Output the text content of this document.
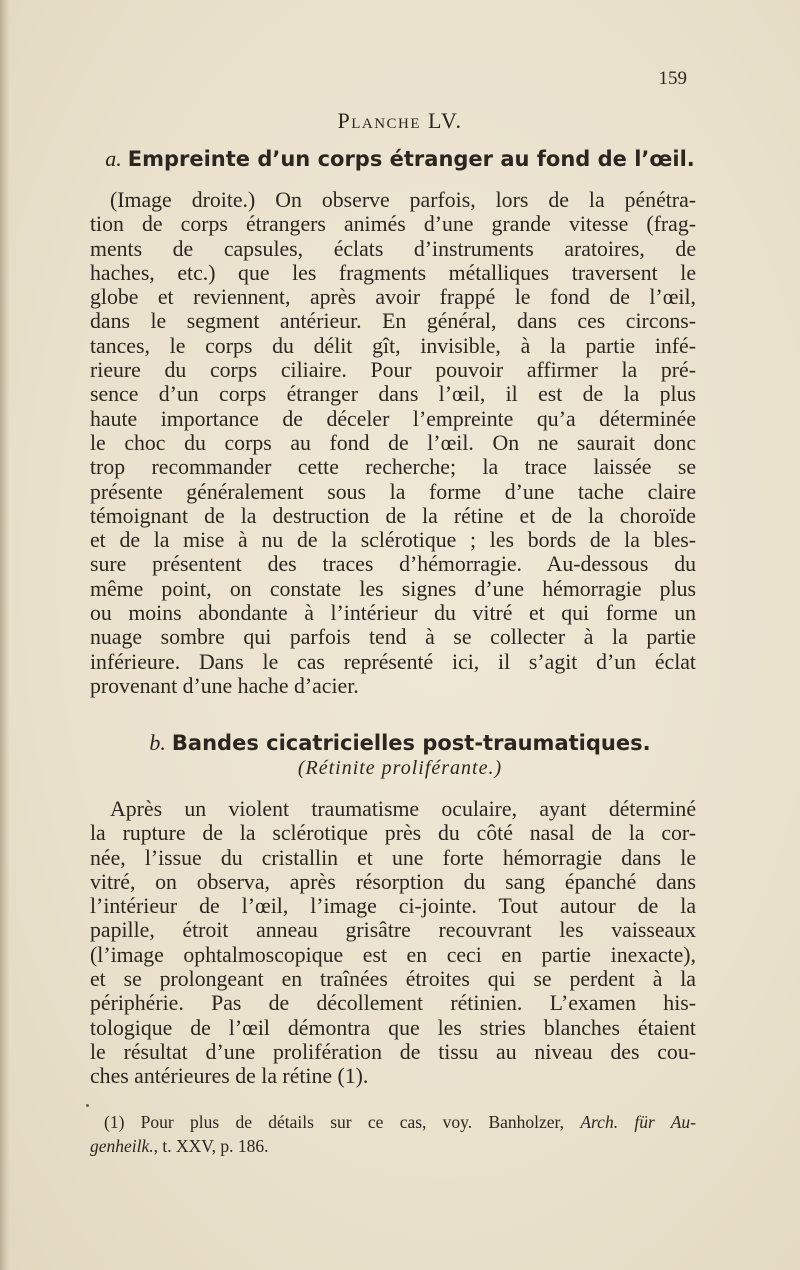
159
Planche LV.
a. Empreinte d’un corps étranger au fond de l’œil.
(Image droite.) On observe parfois, lors de la pénétra-
tion de corps étrangers animés d’une grande vitesse (frag-
ments de capsules, éclats d’instruments aratoires, de
haches, etc.) que les fragments métalliques traversent le
globe et reviennent, après avoir frappé le fond de l’œil,
dans le segment antérieur. En général, dans ces circons-
tances, le corps du délit gît, invisible, à la partie infé-
rieure du corps ciliaire. Pour pouvoir affirmer la pré-
sence d’un corps étranger dans l’œil, il est de la plus
haute importance de déceler l’empreinte qu’a déterminée
le choc du corps au fond de l’œil. On ne saurait donc
trop recommander cette recherche; la trace laissée se
présente généralement sous la forme d’une tache claire
témoignant de la destruction de la rétine et de la choroïde
et de la mise à nu de la sclérotique ; les bords de la bles-
sure présentent des traces d’hémorragie. Au-dessous du
même point, on constate les signes d’une hémorragie plus
ou moins abondante à l’intérieur du vitré et qui forme un
nuage sombre qui parfois tend à se collecter à la partie
inférieure. Dans le cas représenté ici, il s’agit d’un éclat
provenant d’une hache d’acier.
b. Bandes cicatricielles post-traumatiques.
(Rétinite proliférante.)
Après un violent traumatisme oculaire, ayant déterminé
la rupture de la sclérotique près du côté nasal de la cor-
née, l’issue du cristallin et une forte hémorragie dans le
vitré, on observa, après résorption du sang épanché dans
l’intérieur de l’œil, l’image ci-jointe. Tout autour de la
papille, étroit anneau grisâtre recouvrant les vaisseaux
(l’image ophtalmoscopique est en ceci en partie inexacte),
et se prolongeant en traînées étroites qui se perdent à la
périphérie. Pas de décollement rétinien. L’examen his-
tologique de l’œil démontra que les stries blanches étaient
le résultat d’une prolifération de tissu au niveau des cou-
ches antérieures de la rétine (1).
(1) Pour plus de détails sur ce cas, voy. Banholzer, Arch. für Au-
genheilk., t. XXV, p. 186.
